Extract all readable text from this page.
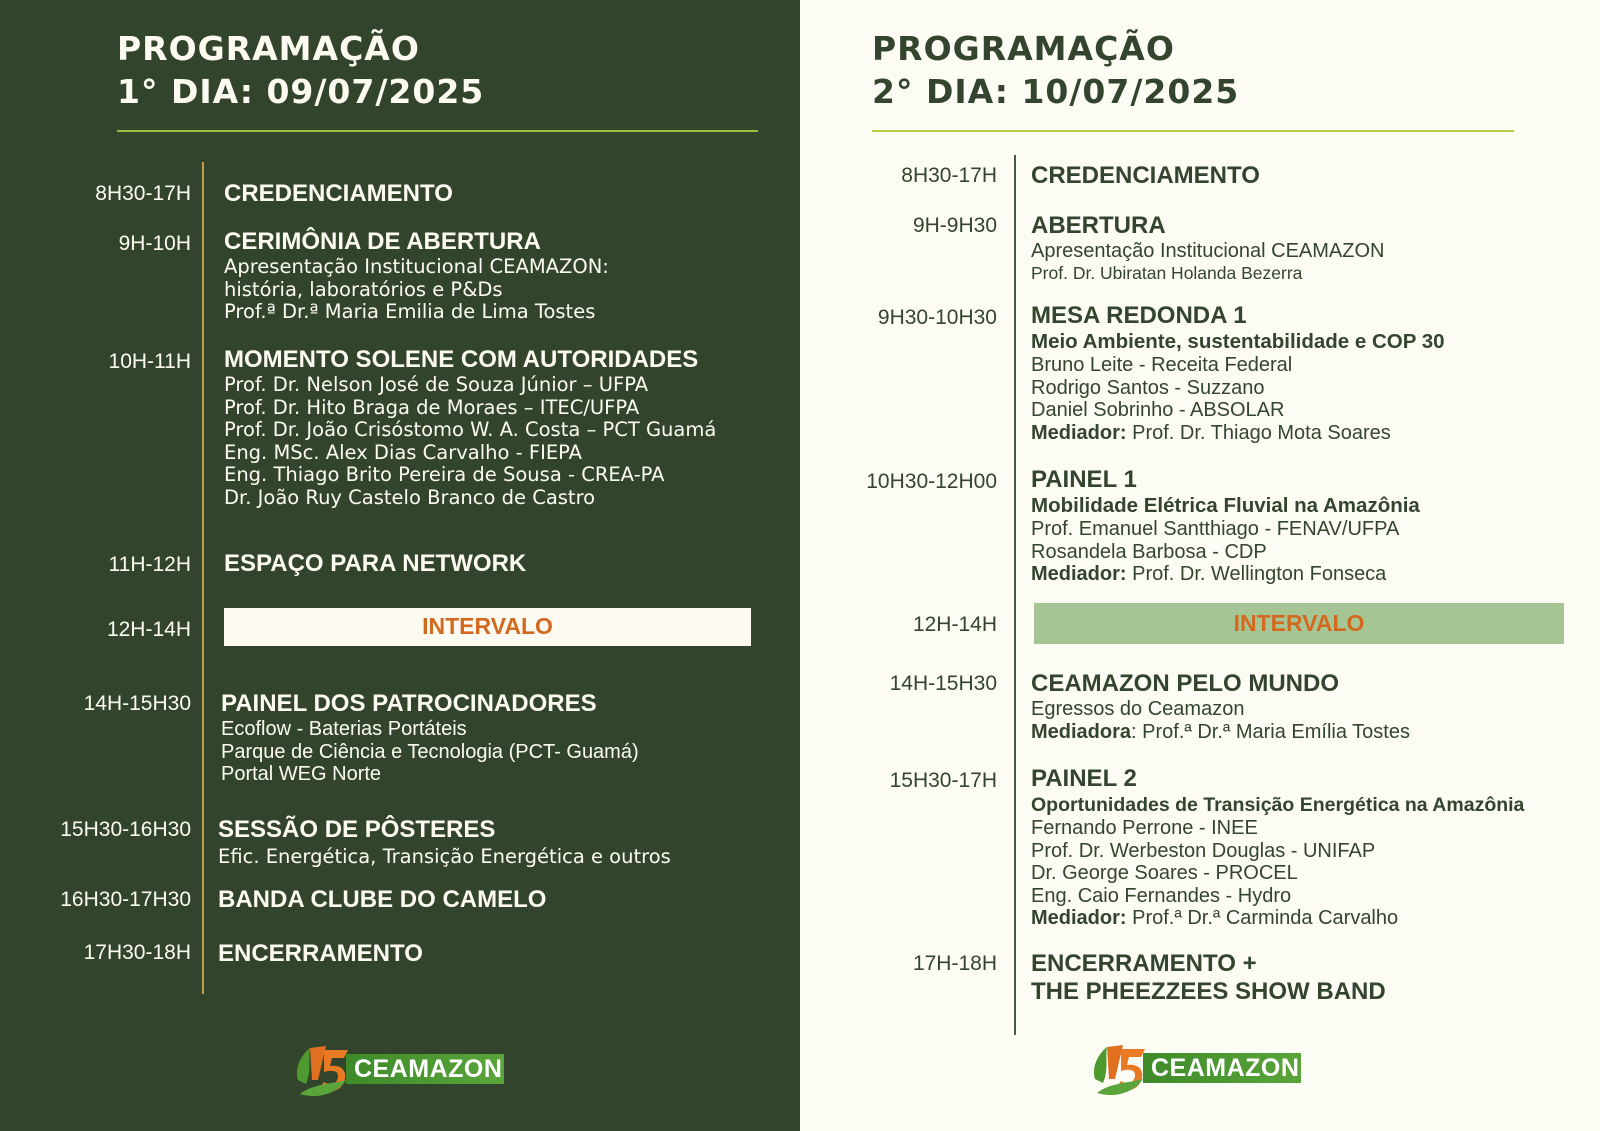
PROGRAMAÇÃO
1° DIA: 09/07/2025
8H30-17H CREDENCIAMENTO
9H-10H CERIMÔNIA DE ABERTURA
Apresentação Institucional CEAMAZON:
história, laboratórios e P&Ds
Prof.ª Dr.ª Maria Emilia de Lima Tostes
10H-11H MOMENTO SOLENE COM AUTORIDADES
Prof. Dr. Nelson José de Souza Júnior – UFPA
Prof. Dr. Hito Braga de Moraes – ITEC/UFPA
Prof. Dr. João Crisóstomo W. A. Costa – PCT Guamá
Eng. MSc. Alex Dias Carvalho - FIEPA
Eng. Thiago Brito Pereira de Sousa - CREA-PA
Dr. João Ruy Castelo Branco de Castro
11H-12H ESPAÇO PARA NETWORK
12H-14H	INTERVALO
14H-15H30 PAINEL DOS PATROCINADORES
Ecoflow - Baterias Portáteis
Parque de Ciência e Tecnologia (PCT- Guamá)
Portal WEG Norte
15H30-16H30 SESSÃO DE PÔSTERES
Efic. Energética, Transição Energética e outros
16H30-17H30 BANDA CLUBE DO CAMELO
17H30-18H ENCERRAMENTO
CEAMAZON
PROGRAMAÇÃO
2° DIA: 10/07/2025
8H30-17H CREDENCIAMENTO
9H-9H30 ABERTURA
Apresentação Institucional CEAMAZON
Prof. Dr. Ubiratan Holanda Bezerra
9H30-10H30 MESA REDONDA 1
Meio Ambiente, sustentabilidade e COP 30
Bruno Leite - Receita Federal
Rodrigo Santos - Suzzano
Daniel Sobrinho - ABSOLAR
Mediador: Prof. Dr. Thiago Mota Soares
10H30-12H00 PAINEL 1
Mobilidade Elétrica Fluvial na Amazônia
Prof. Emanuel Santthiago - FENAV/UFPA
Rosandela Barbosa - CDP
Mediador: Prof. Dr. Wellington Fonseca
12H-14H	INTERVALO
14H-15H30 CEAMAZON PELO MUNDO
Egressos do Ceamazon
Mediadora: Prof.ª Dr.ª Maria Emília Tostes
15H30-17H PAINEL 2
Oportunidades de Transição Energética na Amazônia
Fernando Perrone - INEE
Prof. Dr. Werbeston Douglas - UNIFAP
Dr. George Soares - PROCEL
Eng. Caio Fernandes - Hydro
Mediador: Prof.ª Dr.ª Carminda Carvalho
17H-18H ENCERRAMENTO +
THE PHEEZZEES SHOW BAND
CEAMAZON
